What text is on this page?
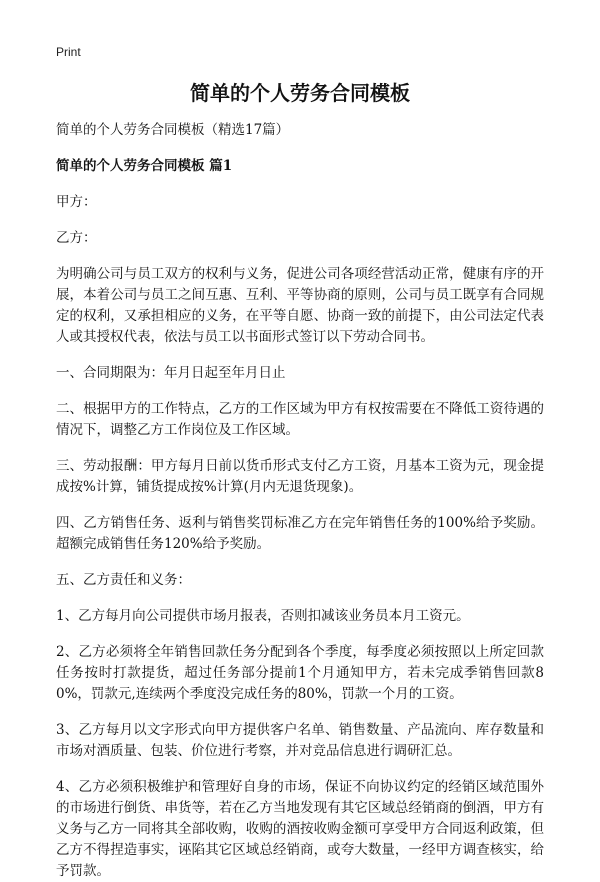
Print
简单的个人劳务合同模板

简单的个人劳务合同模板（精选17篇）

简单的个人劳务合同模板 篇1

甲方：

乙方：

为明确公司与员工双方的权利与义务，促进公司各项经营活动正常，健康有序的开展，本着公司与员工之间互惠、互利、平等协商的原则，公司与员工既享有合同规定的权利，又承担相应的义务，在平等自愿、协商一致的前提下，由公司法定代表人或其授权代表，依法与员工以书面形式签订以下劳动合同书。

一、合同期限为：年月日起至年月日止

二、根据甲方的工作特点，乙方的工作区域为甲方有权按需要在不降低工资待遇的情况下，调整乙方工作岗位及工作区域。

三、劳动报酬：甲方每月日前以货币形式支付乙方工资，月基本工资为元，现金提成按%计算，铺货提成按%计算(月内无退货现象)。

四、乙方销售任务、返利与销售奖罚标准乙方在完年销售任务的100%给予奖励。超额完成销售任务120%给予奖励。

五、乙方责任和义务：

1、乙方每月向公司提供市场月报表，否则扣减该业务员本月工资元。

2、乙方必须将全年销售回款任务分配到各个季度，每季度必须按照以上所定回款任务按时打款提货，超过任务部分提前1个月通知甲方，若未完成季销售回款80%，罚款元,连续两个季度没完成任务的80%，罚款一个月的工资。

3、乙方每月以文字形式向甲方提供客户名单、销售数量、产品流向、库存数量和市场对酒质量、包装、价位进行考察，并对竞品信息进行调研汇总。

4、乙方必须积极维护和管理好自身的市场，保证不向协议约定的经销区域范围外的市场进行倒货、串货等，若在乙方当地发现有其它区域总经销商的倒酒，甲方有义务与乙方一同将其全部收购，收购的酒按收购金额可享受甲方合同返利政策，但乙方不得捏造事实，诬陷其它区域总经销商，或夸大数量，一经甲方调查核实，给予罚款。
